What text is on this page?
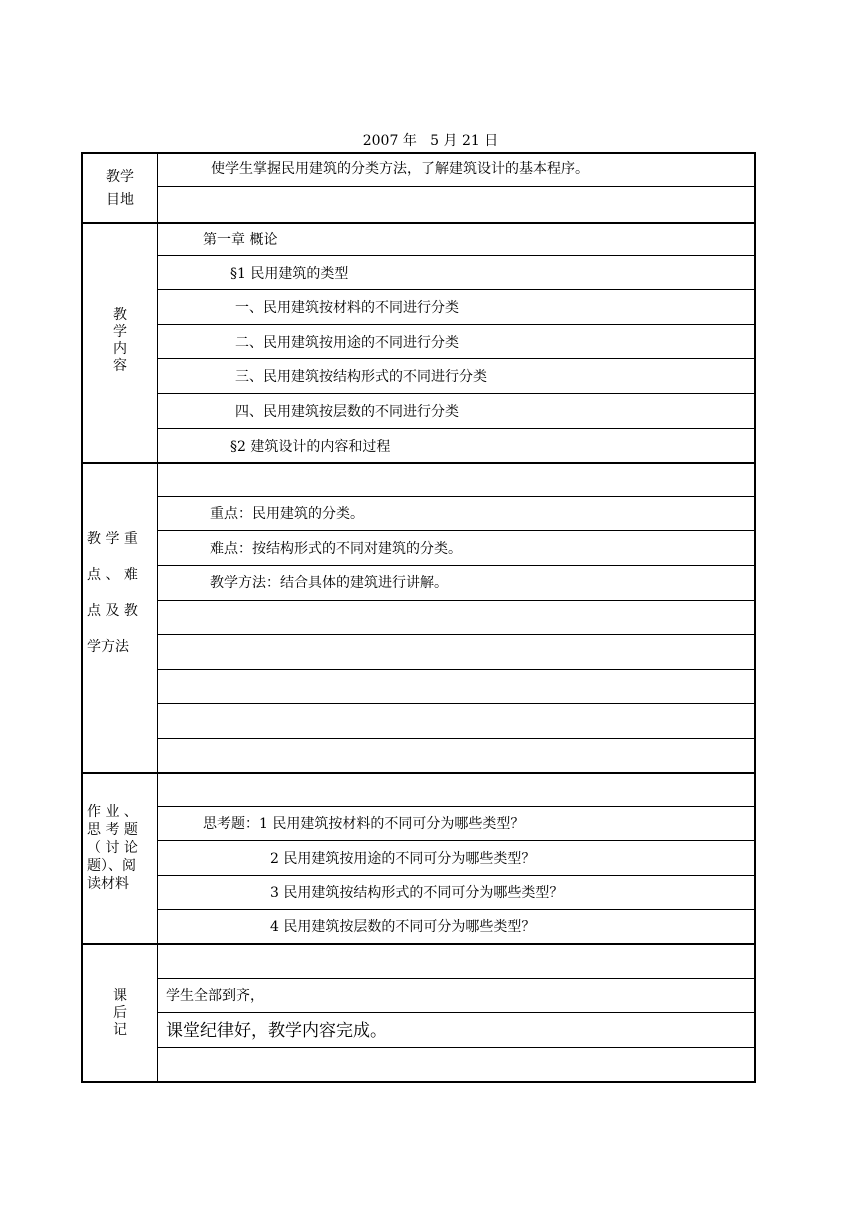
2007 年   5 月 21 日
教学目地
使学生掌握民用建筑的分类方法，了解建筑设计的基本程序。
教学内容
第一章 概论
§1 民用建筑的类型
一、民用建筑按材料的不同进行分类
二、民用建筑按用途的不同进行分类
三、民用建筑按结构形式的不同进行分类
四、民用建筑按层数的不同进行分类
§2 建筑设计的内容和过程
教 学 重
点 、 难
点 及 教
学方法
重点：民用建筑的分类。
难点：按结构形式的不同对建筑的分类。
教学方法：结合具体的建筑进行讲解。
作 业 、
思 考 题
（ 讨 论
题）、阅
读材料
思考题：1 民用建筑按材料的不同可分为哪些类型？
2 民用建筑按用途的不同可分为哪些类型？
3 民用建筑按结构形式的不同可分为哪些类型？
4 民用建筑按层数的不同可分为哪些类型？
课
后
记
学生全部到齐，
课堂纪律好，教学内容完成。
